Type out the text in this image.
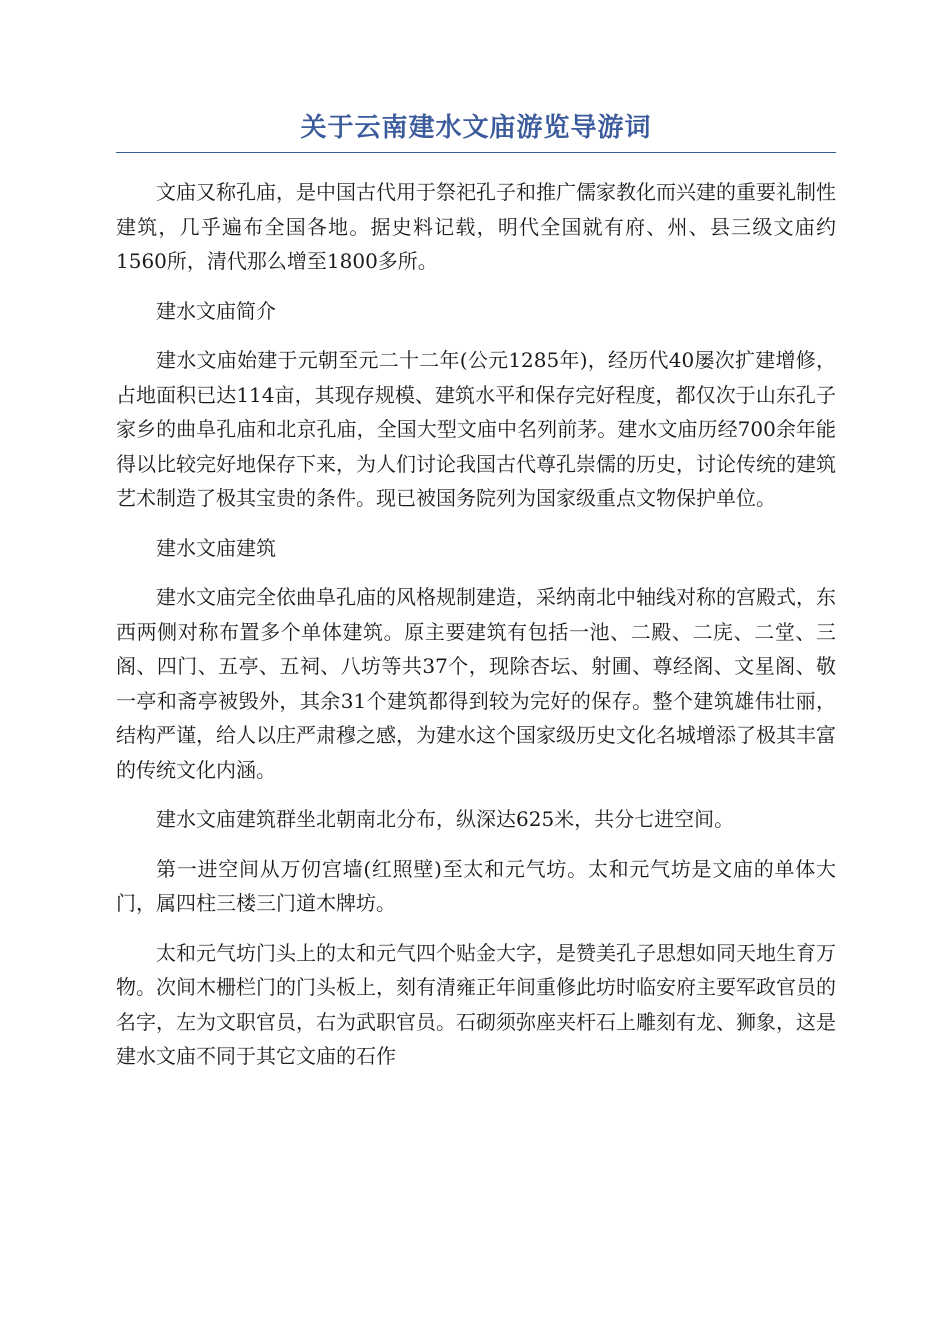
关于云南建水文庙游览导游词

文庙又称孔庙，是中国古代用于祭祀孔子和推广儒家教化而兴建的重要礼制性建筑，几乎遍布全国各地。据史料记载，明代全国就有府、州、县三级文庙约1560所，清代那么增至1800多所。

建水文庙简介

建水文庙始建于元朝至元二十二年(公元1285年)，经历代40屡次扩建增修，占地面积已达114亩，其现存规模、建筑水平和保存完好程度，都仅次于山东孔子家乡的曲阜孔庙和北京孔庙，全国大型文庙中名列前茅。建水文庙历经700余年能得以比较完好地保存下来，为人们讨论我国古代尊孔崇儒的历史，讨论传统的建筑艺术制造了极其宝贵的条件。现已被国务院列为国家级重点文物保护单位。

建水文庙建筑

建水文庙完全依曲阜孔庙的风格规制建造，采纳南北中轴线对称的宫殿式，东西两侧对称布置多个单体建筑。原主要建筑有包括一池、二殿、二庑、二堂、三阁、四门、五亭、五祠、八坊等共37个，现除杏坛、射圃、尊经阁、文星阁、敬一亭和斋亭被毁外，其余31个建筑都得到较为完好的保存。整个建筑雄伟壮丽，结构严谨，给人以庄严肃穆之感，为建水这个国家级历史文化名城增添了极其丰富的传统文化内涵。

建水文庙建筑群坐北朝南北分布，纵深达625米，共分七进空间。

第一进空间从万仞宫墙(红照壁)至太和元气坊。太和元气坊是文庙的单体大门，属四柱三楼三门道木牌坊。

太和元气坊门头上的太和元气四个贴金大字，是赞美孔子思想如同天地生育万物。次间木栅栏门的门头板上，刻有清雍正年间重修此坊时临安府主要军政官员的名字，左为文职官员，右为武职官员。石砌须弥座夹杆石上雕刻有龙、狮象，这是建水文庙不同于其它文庙的石作
